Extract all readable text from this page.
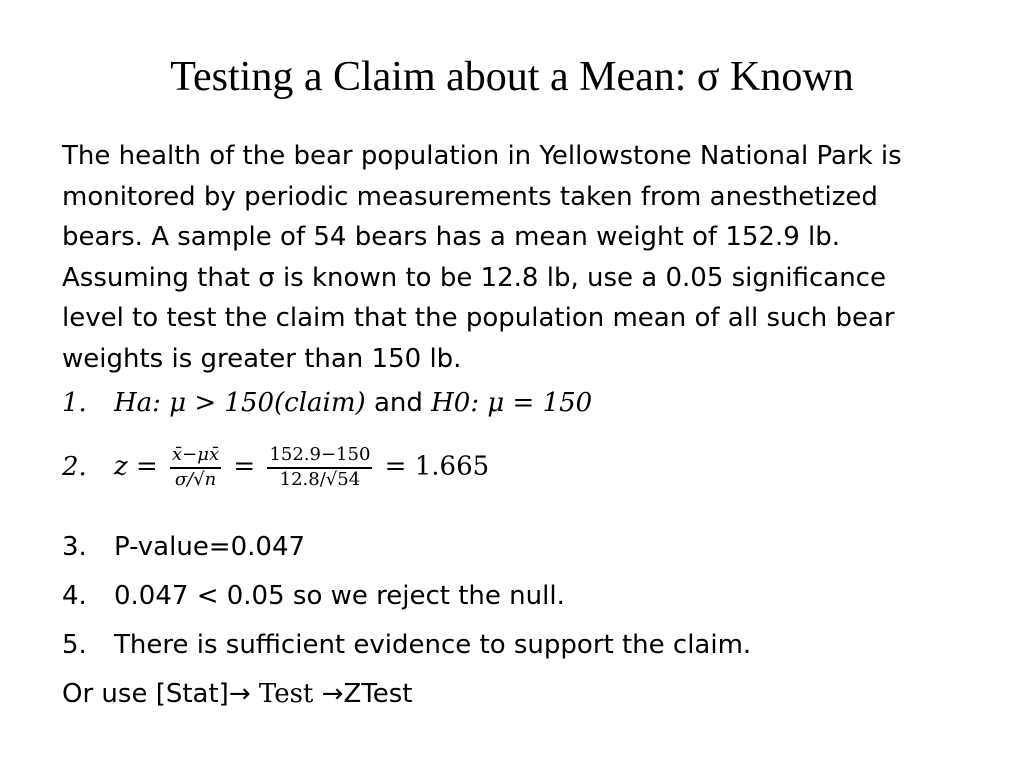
Testing a Claim about a Mean: σ Known
The health of the bear population in Yellowstone National Park is
monitored by periodic measurements taken from anesthetized
bears. A sample of 54 bears has a mean weight of 152.9 lb.
Assuming that σ is known to be 12.8 lb, use a 0.05 significance
level to test the claim that the population mean of all such bear
weights is greater than 150 lb.
1. Ha: μ > 150(claim) and H0: μ = 150
2. $z = \frac{x̄-\mu x̄}{\sigma/√n} = \frac{152.9-150}{12.8/√54} = 1.665$
3. P-value=0.047
4. 0.047 < 0.05 so we reject the null.
5. There is sufficient evidence to support the claim.
Or use [Stat]→ Test →ZTest
